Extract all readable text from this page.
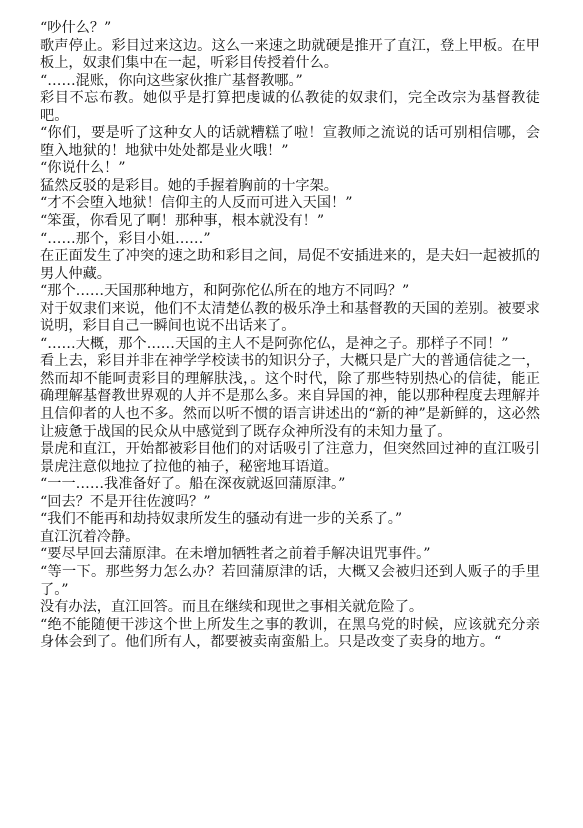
“吵什么？”

歌声停止。彩目过来这边。这么一来速之助就硬是推开了直江，登上甲板。在甲板上，奴隶们集中在一起，听彩目传授着什么。

“……混账，你向这些家伙推广基督教哪。”

彩目不忘布教。她似乎是打算把虔诚的仏教徒的奴隶们，完全改宗为基督教徒吧。

“你们，要是听了这种女人的话就糟糕了啦！宣教师之流说的话可别相信哪，会堕入地狱的！地狱中处处都是业火哦！”

“你说什么！”

猛然反驳的是彩目。她的手握着胸前的十字架。

“才不会堕入地狱！信仰主的人反而可进入天国！”

“笨蛋，你看见了啊！那种事，根本就没有！”

“……那个，彩目小姐……”

在正面发生了冲突的速之助和彩目之间，局促不安插进来的，是夫妇一起被抓的男人仲藏。

“那个……天国那种地方，和阿弥佗仏所在的地方不同吗？”

对于奴隶们来说，他们不太清楚仏教的极乐净土和基督教的天国的差别。被要求说明，彩目自己一瞬间也说不出话来了。

“……大概，那个……天国的主人不是阿弥佗仏，是神之子。那样子不同！”

看上去，彩目并非在神学学校读书的知识分子，大概只是广大的普通信徒之一，然而却不能呵责彩目的理解肤浅，。这个时代，除了那些特别热心的信徒，能正确理解基督教世界观的人并不是那么多。来自异国的神，能以那种程度去理解并且信仰者的人也不多。然而以听不惯的语言讲述出的“新的神”是新鲜的，这必然让疲惫于战国的民众从中感觉到了既存众神所没有的未知力量了。

景虎和直江，开始都被彩目他们的对话吸引了注意力，但突然回过神的直江吸引景虎注意似地拉了拉他的袖子，秘密地耳语道。

“一一……我准备好了。船在深夜就返回蒲原津。”

“回去？不是开往佐渡吗？”

“我们不能再和劫持奴隶所发生的骚动有进一步的关系了。”

直江沉着冷静。

“要尽早回去蒲原津。在未增加牺牲者之前着手解决诅咒事件。”

“等一下。那些努力怎么办？若回蒲原津的话，大概又会被归还到人贩子的手里了。”

没有办法，直江回答。而且在继续和现世之事相关就危险了。

“绝不能随便干涉这个世上所发生之事的教训，在黑乌党的时候，应该就充分亲身体会到了。他们所有人，都要被卖南蛮船上。只是改变了卖身的地方。“
